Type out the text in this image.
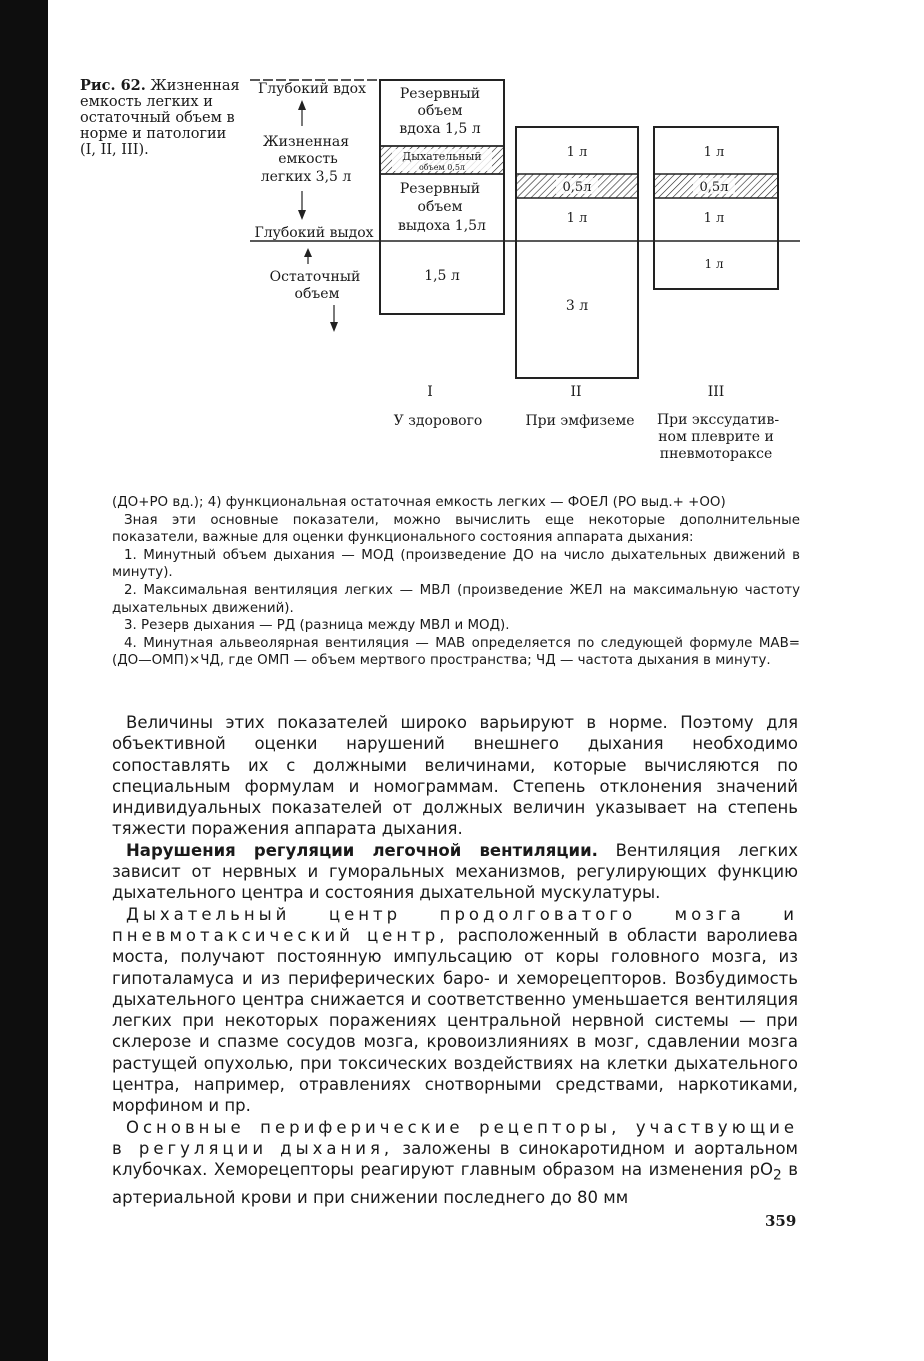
Рис. 62. Жизненная емкость легких и остаточный объем в норме и патологии (I, II, III).
Резервный
объем
вдоха 1,5 л
Дыхательный
объем 0,5л
Резервный
объем
выдоха 1,5л
1,5 л
1 л
0,5л
1 л
3 л
1 л
0,5л
1 л
1 л
Глубокий вдох
Жизненная
емкость
легких 3,5 л
Глубокий выдох
Остаточный
объем
I	II	III
У здорового	При эмфиземе При экссудатив-
ном плеврите и
пневмотораксе

(ДО+РО вд.); 4) функциональная остаточная емкость легких — ФОЕЛ (РО выд.+ +ОО)

Зная эти основные показатели, можно вычислить еще некоторые дополнительные показатели, важные для оценки функционального состояния аппарата дыхания:

1. Минутный объем дыхания — МОД (произведение ДО на число дыхательных движений в минуту).

2. Максимальная вентиляция легких — МВЛ (произведение ЖЕЛ на максимальную частоту дыхательных движений).

3. Резерв дыхания — РД (разница между МВЛ и МОД).

4. Минутная альвеолярная вентиляция — МАВ определяется по следующей формуле МАВ=(ДО—ОМП)×ЧД, где ОМП — объем мертвого пространства; ЧД — частота дыхания в минуту.

Величины этих показателей широко варьируют в норме. Поэтому для объективной оценки нарушений внешнего дыхания необходимо сопоставлять их с должными величинами, которые вычисляются по специальным формулам и номограммам. Степень отклонения значений индивидуальных показателей от должных величин указывает на степень тяжести поражения аппарата дыхания.

Нарушения регуляции легочной вентиляции. Вентиляция легких зависит от нервных и гуморальных механизмов, регулирующих функцию дыхательного центра и состояния дыхательной мускулатуры.

Дыхательный центр продолговатого мозга и пневмотаксический центр, расположенный в области варолиева моста, получают постоянную импульсацию от коры головного мозга, из гипоталамуса и из периферических баро- и хеморецепторов. Возбудимость дыхательного центра снижается и соответственно уменьшается вентиляция легких при некоторых поражениях центральной нервной системы — при склерозе и спазме сосудов мозга, кровоизлияниях в мозг, сдавлении мозга растущей опухолью, при токсических воздействиях на клетки дыхательного центра, например, отравлениях снотворными средствами, наркотиками, морфином и пр.

Основные периферические рецепторы, участвующие в регуляции дыхания, заложены в синокаротидном и аортальном клубочках. Хеморецепторы реагируют главным образом на изменения $pO_2$ в артериальной крови и при снижении последнего до 80 мм

359
